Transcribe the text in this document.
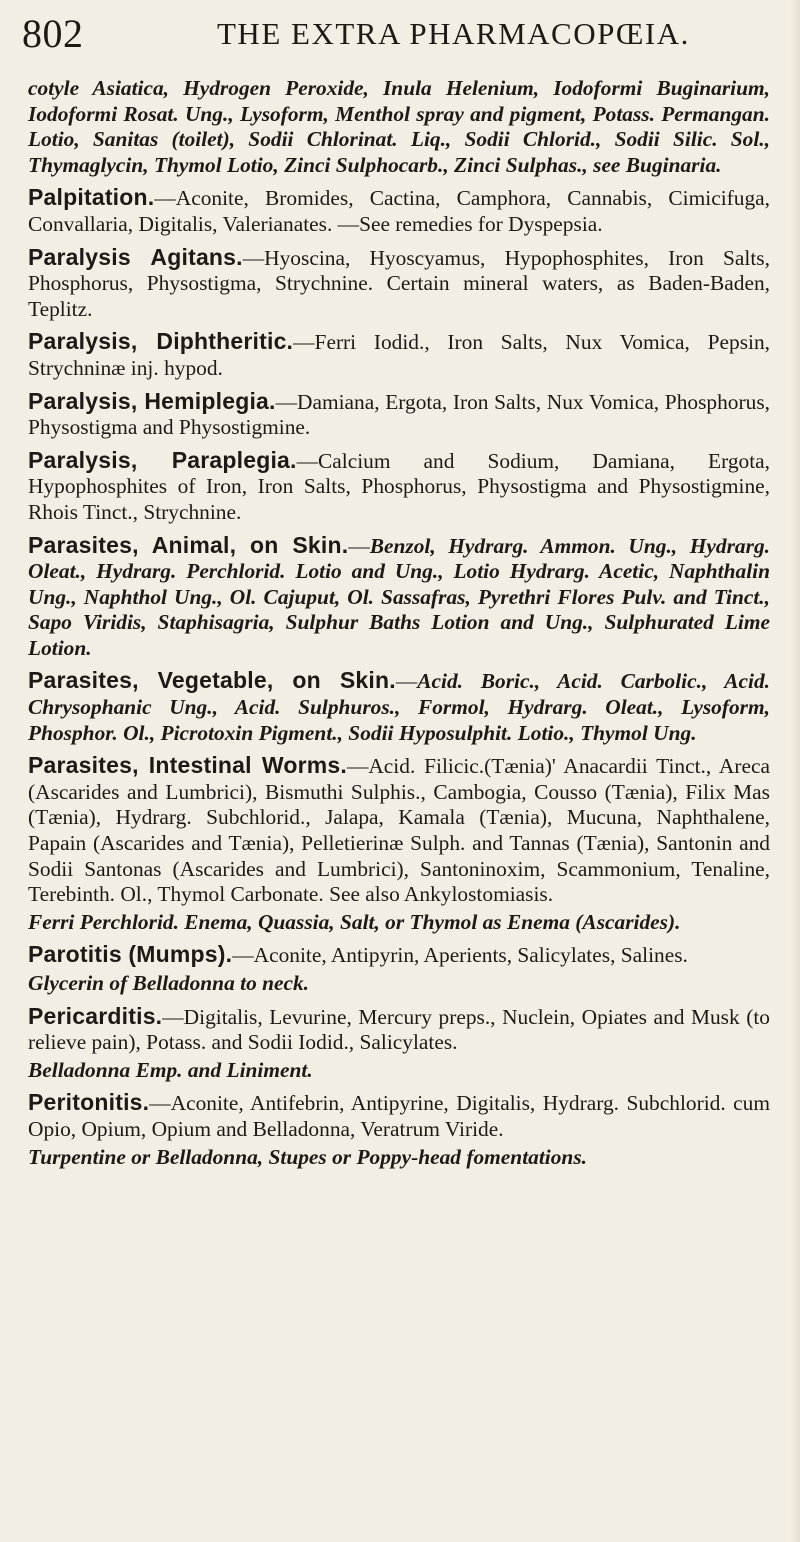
802	THE EXTRA PHARMACOPŒIA.

cotyle Asiatica, Hydrogen Peroxide, Inula Helenium, Iodoformi Buginarium, Iodoformi Rosat. Ung., Lysoform, Menthol spray and pigment, Potass. Permangan. Lotio, Sanitas (toilet), Sodii Chlorinat. Liq., Sodii Chlorid., Sodii Silic. Sol., Thymaglycin, Thymol Lotio, Zinci Sulphocarb., Zinci Sulphas., see Buginaria.

Palpitation.—Aconite, Bromides, Cactina, Camphora, Cannabis, Cimicifuga, Convallaria, Digitalis, Valerianates. —See remedies for Dyspepsia.

Paralysis Agitans.—Hyoscina, Hyoscyamus, Hypophosphites, Iron Salts, Phosphorus, Physostigma, Strychnine. Certain mineral waters, as Baden-Baden, Teplitz.

Paralysis, Diphtheritic.—Ferri Iodid., Iron Salts, Nux Vomica, Pepsin, Strychninæ inj. hypod.

Paralysis, Hemiplegia.—Damiana, Ergota, Iron Salts, Nux Vomica, Phosphorus, Physostigma and Physostigmine.

Paralysis, Paraplegia.—Calcium and Sodium, Damiana, Ergota, Hypophosphites of Iron, Iron Salts, Phosphorus, Physostigma and Physostigmine, Rhois Tinct., Strychnine.

Parasites, Animal, on Skin.—Benzol, Hydrarg. Ammon. Ung., Hydrarg. Oleat., Hydrarg. Perchlorid. Lotio and Ung., Lotio Hydrarg. Acetic, Naphthalin Ung., Naphthol Ung., Ol. Cajuput, Ol. Sassafras, Pyrethri Flores Pulv. and Tinct., Sapo Viridis, Staphisagria, Sulphur Baths Lotion and Ung., Sulphurated Lime Lotion.

Parasites, Vegetable, on Skin.—Acid. Boric., Acid. Carbolic., Acid. Chrysophanic Ung., Acid. Sulphuros., Formol, Hydrarg. Oleat., Lysoform, Phosphor. Ol., Picrotoxin Pigment., Sodii Hyposulphit. Lotio., Thymol Ung.

Parasites, Intestinal Worms.—Acid. Filicic.(Tænia)' Anacardii Tinct., Areca (Ascarides and Lumbrici), Bismuthi Sulphis., Cambogia, Cousso (Tænia), Filix Mas (Tænia), Hydrarg. Subchlorid., Jalapa, Kamala (Tænia), Mucuna, Naphthalene, Papain (Ascarides and Tænia), Pelletierinæ Sulph. and Tannas (Tænia), Santonin and Sodii Santonas (Ascarides and Lumbrici), Santoninoxim, Scammonium, Tenaline, Terebinth. Ol., Thymol Carbonate. See also Ankylostomiasis.

Ferri Perchlorid. Enema, Quassia, Salt, or Thymol as Enema (Ascarides).

Parotitis (Mumps).—Aconite, Antipyrin, Aperients, Salicylates, Salines.

Glycerin of Belladonna to neck.

Pericarditis.—Digitalis, Levurine, Mercury preps., Nuclein, Opiates and Musk (to relieve pain), Potass. and Sodii Iodid., Salicylates.

Belladonna Emp. and Liniment.

Peritonitis.—Aconite, Antifebrin, Antipyrine, Digitalis, Hydrarg. Subchlorid. cum Opio, Opium, Opium and Belladonna, Veratrum Viride.

Turpentine or Belladonna, Stupes or Poppy-head fomentations.
